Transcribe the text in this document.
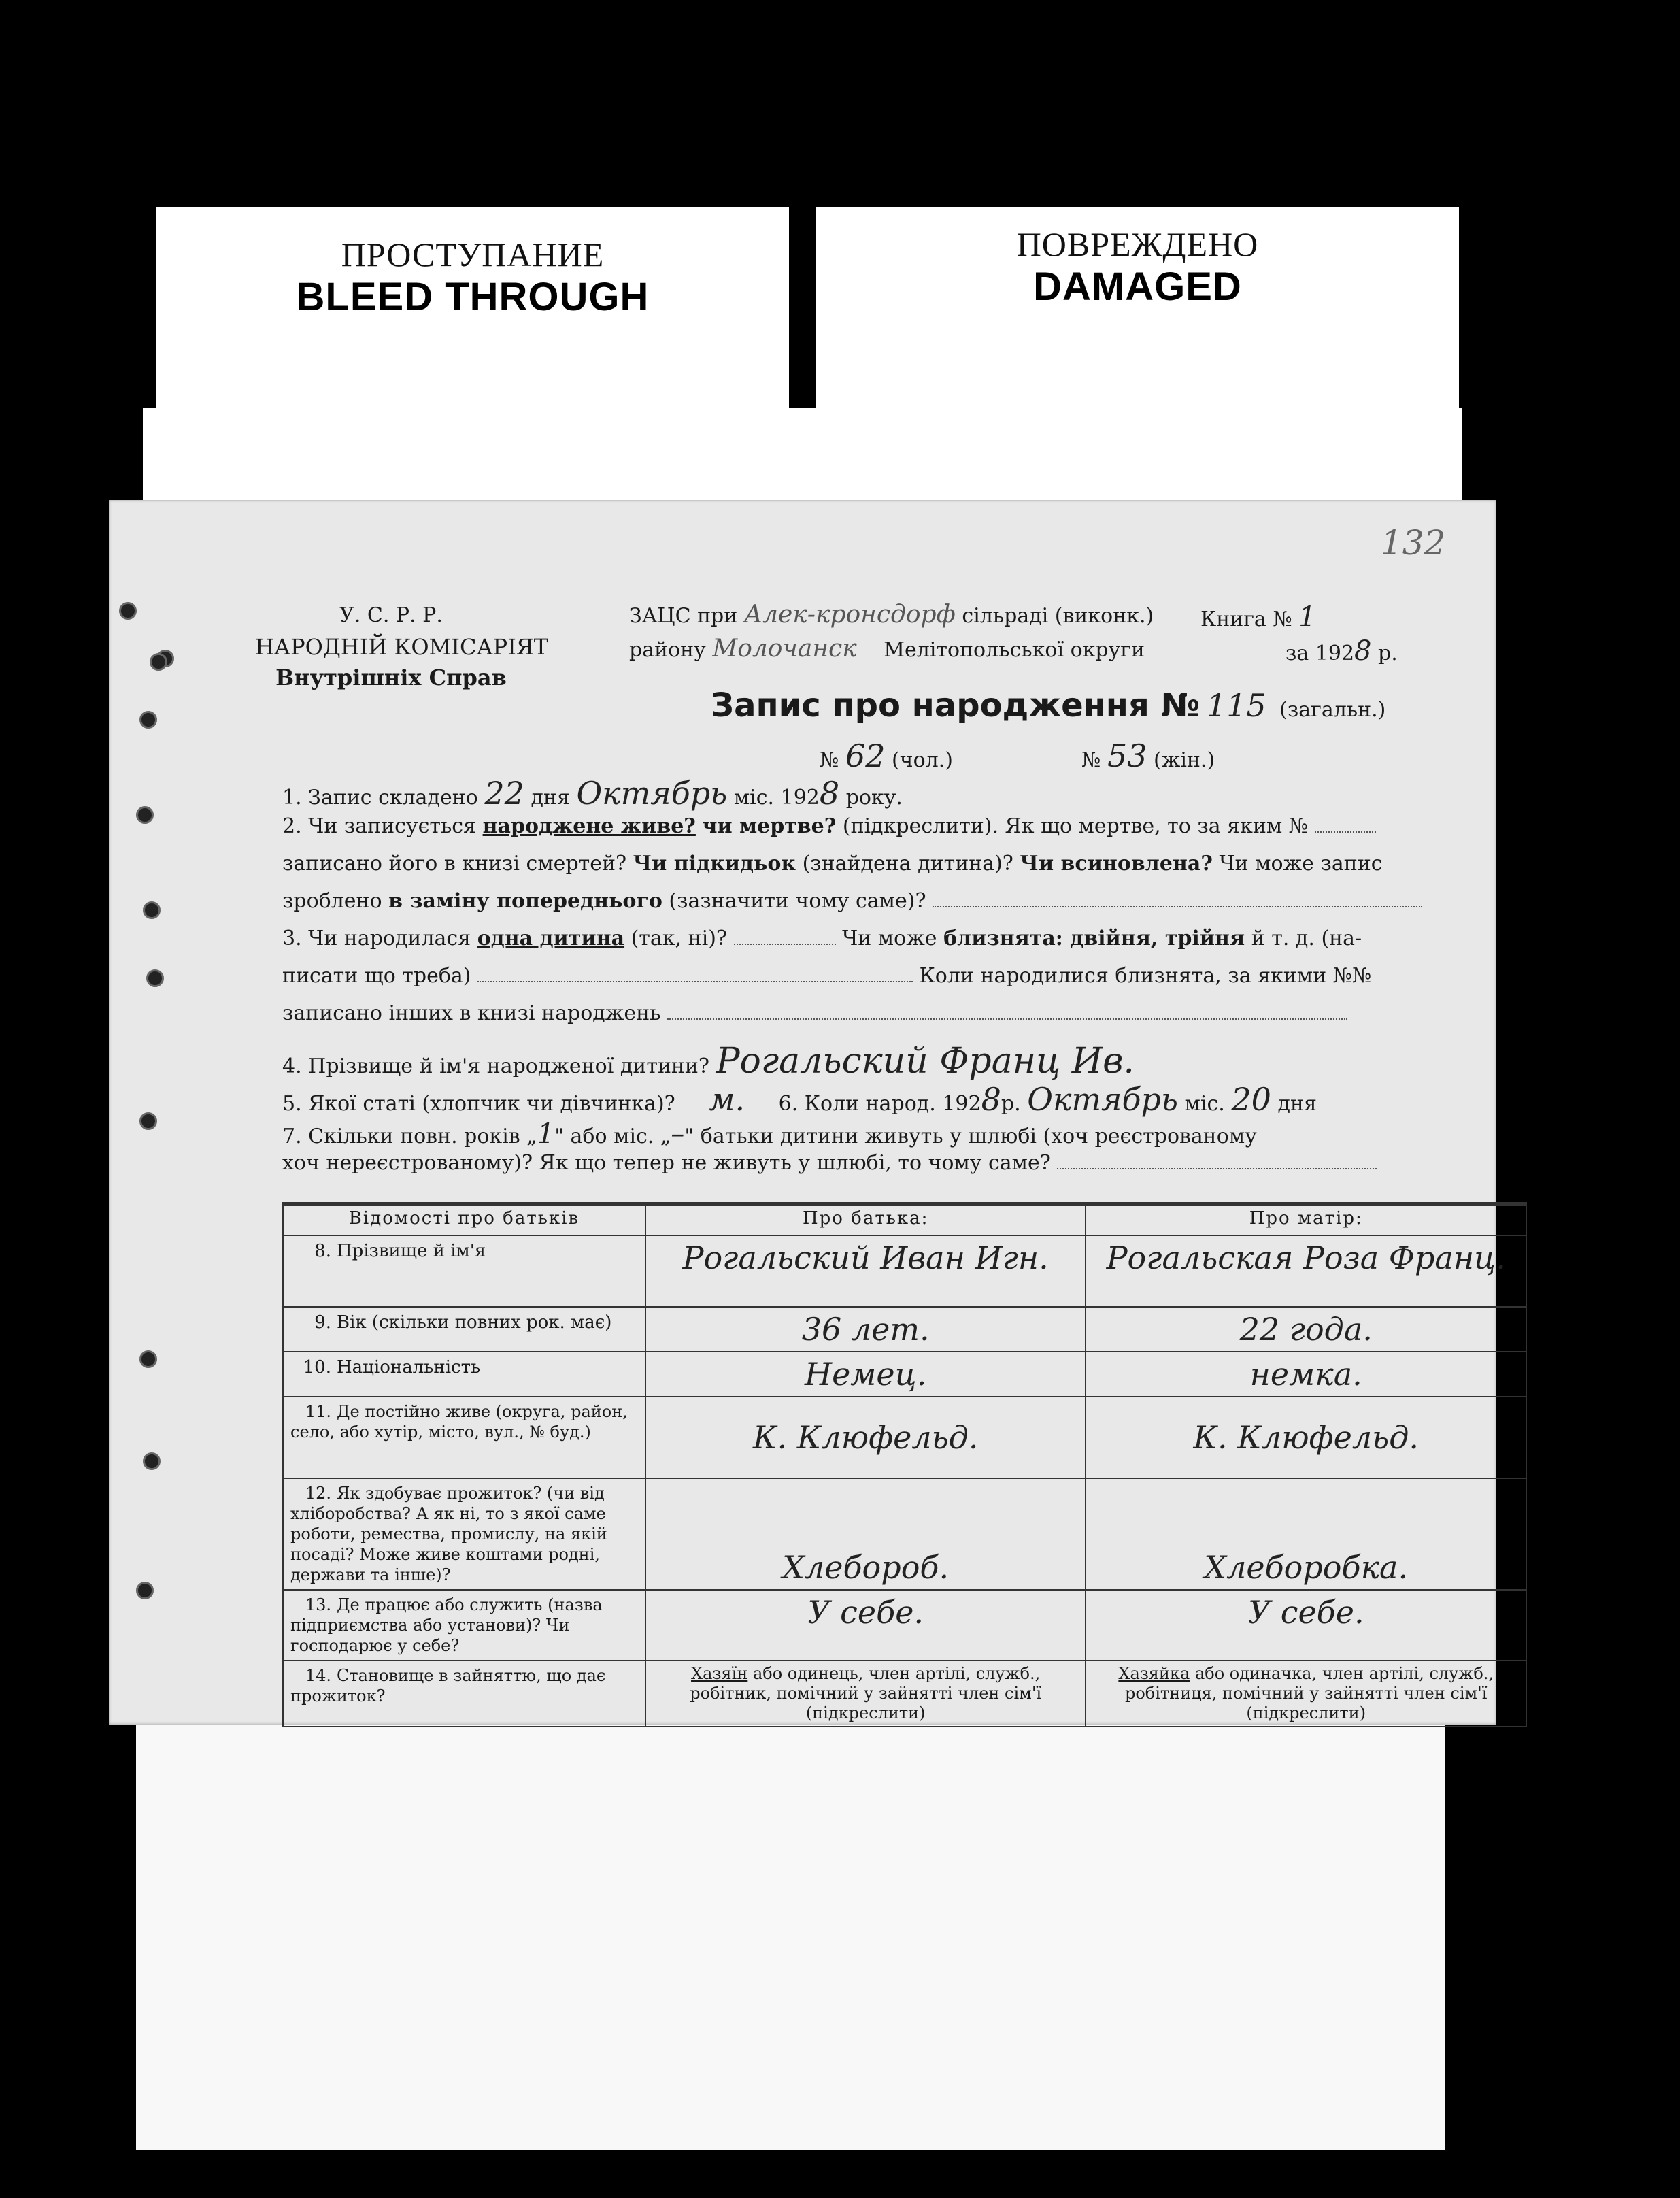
ПРОСТУПАНИЕ
BLEED THROUGH
ПОВРЕЖДЕНО
DAMAGED
132
У. С. Р. Р.
НАРОДНІЙ КОМІСАРІЯТ
Внутрішніх Справ
ЗАЦС при Алек-кронсдорф сільраді (виконк.) Книга № 1
району Молочанск Мелітопольської округи	за 1928 р.
Запис про народження № 115 (загальн.)
№ 62 (чол.)	№ 53 (жін.)
1. Запис складено 22 дня Октябрь міс. 1928 року.
2. Чи записується народжене живе? чи мертве? (підкреслити). Як що мертве, то за яким №
записано його в книзі смертей? Чи підкидьок (знайдена дитина)? Чи всиновлена? Чи може запис
зроблено в заміну попереднього (зазначити чому саме)?
3. Чи народилася одна дитина (так, ні)?	Чи може близнята: двійня, трійня й т. д. (на-
писати що треба)	Коли народилися близнята, за якими №№
записано інших в книзі народжень
4. Прізвище й ім'я народженої дитини? Рогальский Франц Ив.
5. Якої статі (хлопчик чи дівчинка)? м. 6. Коли народ. 1928р. Октябрь міс. 20 дня
7. Скільки повн. років „1" або міс. „–" батьки дитини живуть у шлюбі (хоч реєстрованому
хоч нереєстрованому)? Як що тепер не живуть у шлюбі, то чому саме?
Відомості про батьків	Про батька:	Про матір:
8. Прізвище й ім'я	Рогальский Иван Игн.	Рогальская Роза Франц.
9. Вік (скільки повних рок. має)	36 лет.	22 года.
10. Національність	Немец.	немка.
11. Де постійно живе (округа, район, село, або хутір, місто, вул., № буд.)	К. Клюфельд.	К. Клюфельд.
12. Як здобуває прожиток? (чи від хліборобства? А як ні, то з якої саме роботи, ремества, промислу, на якій посаді? Може живе коштами родні, держави та інше)?	Хлебороб.	Хлеборобка.
13. Де працює або служить (назва підприємства або установи)? Чи господарює у себе?	У себе.	У себе.
14. Становище в зайняттю, що дає прожиток?	Хазяїн або одинець, член артілі, служб., робітник, помічний у зайнятті член сім'ї (підкреслити)	Хазяйка або одиначка, член артілі, служб., робітниця, помічний у зайнятті член сім'ї (підкреслити)
